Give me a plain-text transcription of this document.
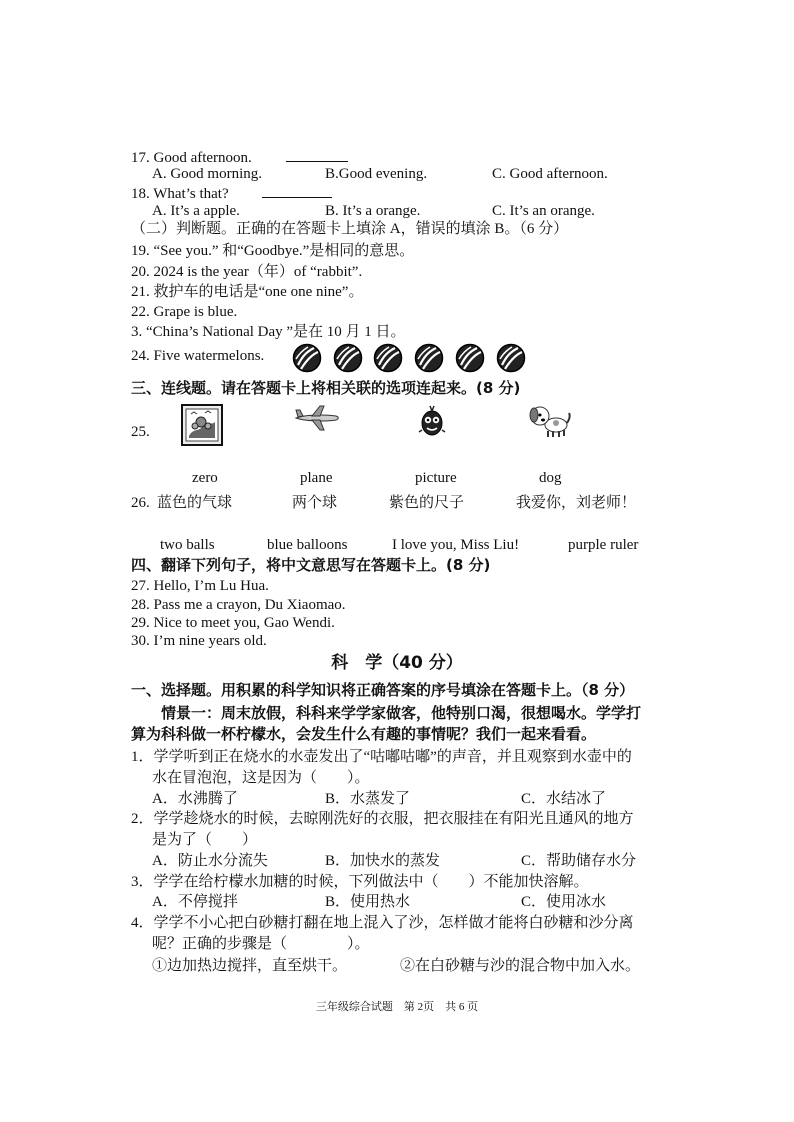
17. Good afternoon.
A. Good morning.	B.Good evening.	C. Good afternoon.
18. What’s that?
A. It’s a apple.	B. It’s a orange.	C. It’s an orange.
（二）判断题。正确的在答题卡上填涂 A，错误的填涂 B。（6 分）
19. “See you.” 和“Goodbye.”是相同的意思。
20. 2024 is the year（年）of “rabbit”.
21. 救护车的电话是“one one nine”。
22. Grape is blue.
3. “China’s National Day ”是在 10 月 1 日。
24. Five watermelons.
三、连线题。请在答题卡上将相关联的选项连起来。(8 分)
25.
zero	plane	picture	dog
26. 蓝色的气球	两个球	紫色的尺子	我爱你，刘老师！
two balls	blue balloons	I love you, Miss Liu!	purple ruler
四、翻译下列句子，将中文意思写在答题卡上。(8 分)
27. Hello, I’m Lu Hua.
28. Pass me a crayon, Du Xiaomao.
29. Nice to meet you, Gao Wendi.
30. I’m nine years old.
科　学（40 分）
一、选择题。用积累的科学知识将正确答案的序号填涂在答题卡上。（8 分）
情景一：周末放假，科科来学学家做客，他特别口渴，很想喝水。学学打
算为科科做一杯柠檬水，会发生什么有趣的事情呢？我们一起来看看。
1．学学听到正在烧水的水壶发出了“咕嘟咕嘟”的声音，并且观察到水壶中的
水在冒泡泡，这是因为（　　）。
A．水沸腾了	B．水蒸发了	C．水结冰了
2．学学趁烧水的时候，去晾刚洗好的衣服，把衣服挂在有阳光且通风的地方
是为了（　　）
A．防止水分流失	B．加快水的蒸发	C．帮助储存水分
3．学学在给柠檬水加糖的时候，下列做法中（　　）不能加快溶解。
A．不停搅拌	B．使用热水	C．使用冰水
4．学学不小心把白砂糖打翻在地上混入了沙，怎样做才能将白砂糖和沙分离
呢？正确的步骤是（　　　　）。
①边加热边搅拌，直至烘干。	②在白砂糖与沙的混合物中加入水。
三年级综合试题　第 2页　共 6 页
